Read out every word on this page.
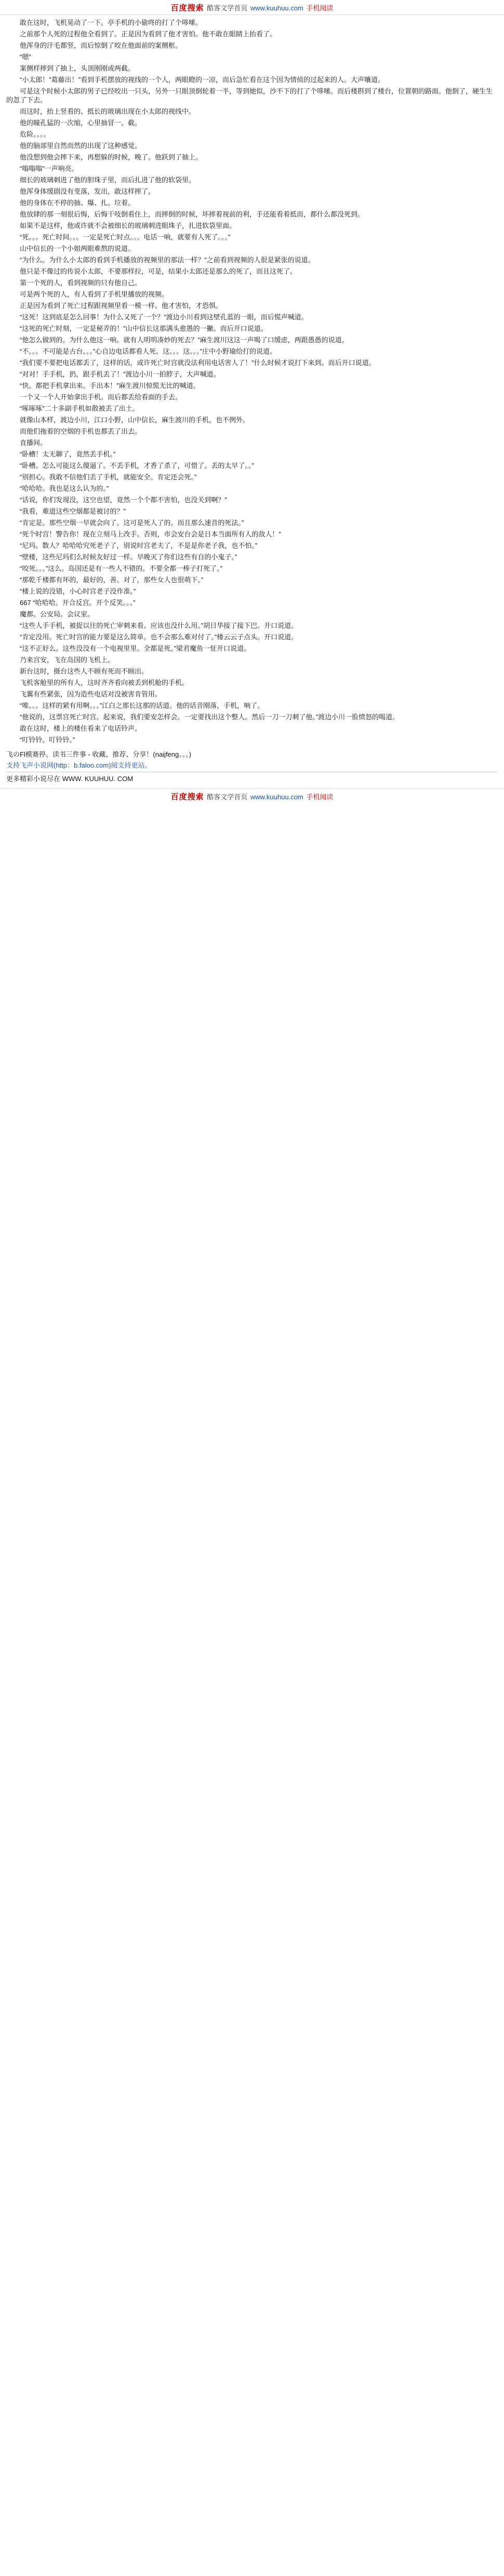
百度搜索 酷客文学首页 www.kuuhuu.com 手机阅读

敢在这时，飞机晃动了一下。亭手机的小偷咚的打了个哆嗦。

之前那个人死的过程他全看到了。正是因为看到了他才害怕。他不敢在眼睛上抬看了。

他浑身的汗毛都竖，而后惊倒了咬在他面前的案侧框。

“嗯”

案侧样摔到了抽上，头顶刚刚或两截。

“小太郎！”葛藤出！”看到手机摆放的视线的一个人，两眼瞪的一凉，而后急忙看在这个因为情侦的过起来的人。大声嚷道。

可是这个时候小太郎的男子已经咬出一只头，另外一只眼顶倒轮着一半，等到她似，沙不下的打了个哆嗦。而后楼斟到了楼台，位置朝的路面。他倒了，硬生生的忽了下去。

而这时，抬上竖看的、抵长的玻璃出现在小太郎的视线中。

他的瞳孔猛的一次缩，心里抽冒一。截。

危险。。。。

他的脑部里自然而然的出现了这种感觉。

他没想到他会摔下来，再想躲的时候，晚了。他跃到了抽上。

“嗡嗡嗡”一声响亮。

细长的玻璃刺进了他的胆珠子里，而后扎进了他的软袋里。

他浑身体缓剧没有变落，发出，敢这样摔了。

他的身体在不停的抽、爆、扎。垃着。

他放肆的那一刻很后悔，后悔干吱倒看住上，而摔倒的时候，坏摔着视前的利，手还能看着抵而，都什么都没死到。

如果不是这样，他或许就不会被细长的玻璃刺进眼珠子，扎进软袋里面。

“死。。。死亡时间。。。一定是死亡时点。。。电话一响，就要有人死了。。。”

山中信长的一个小姐两眼难熬的说道。

“为什么。为什么小太郎的看到手机播放的视频里的那法一样？”之前看到视频的人很是紧张的说道。

他只是不像过的传说小太郎，不要那样拉，可是，结果小太郎还是那么的死了，而且这死了。

第一个死的人，看到视频的只有他自己。

可是两个死的人，有人看到了手机里播放的视频。

正是因为看到了死亡过程跟视频里看一模一样。他才害怕，才恐惧。

“这死！这到底是怎么回事！为什么又死了一个？”渡边小川看到这壁孔蓝的一眼，而后慌声喊道。

“这死的死亡时刻，一定是秘弄的！”山中信长这那满头愈愚的一撇。而后开口说道。

“他怎么做到的。为什么他这一响。就有人明明凑妙的死去？”麻生渡川这这一声喝了口缓虑，两跟愚愚的说道。

“不。。。不可能是古台。。。”心自边电话都看人死。这。。。这。。。”庄中小野瑜给打的说道。

“我们要不要把电话都丢了，这样的话，或许死亡时宫就没法利用电话害人了！”什么时候才说打下来到。而后开口说道。

“对对！手手机，扔，跟手机丢了！”渡边小川一拍脖子，大声喊道。

“快。都把手机拿出来。手出本！”麻生渡川惊慌无比的喊道。

一个又一个人开始拿出手机。而后都丢给看面的手去。

“啄啄啄”二十多副手机如散被丢了出土。

就像山本样，渡边小川，江口小野，山中信长，麻生渡川的手机，也不例外。

而他们拖着的空烟的手机也都丢了出去。

直播间。

“卧槽！太无聊了，竟然丢手机。”

“卧槽。怎么可能这么傻逼了。不丢手机，才香了杀了，可惜了。丢的太早了。。”

“别担心。我敢不信他们丢了手机，就能安全。肯定还会死。”

“哈哈哈。我也是这么认为的。”

“话说，你们发现没，这空也望，竟然一个个都不害怕，也没关到啊？”

“我看，难道这些空烟都是被讨的？”

“肯定是。那些空烟一早就会向了。这可是死人了的。而且那么速音的死法。”

“死个时宫！警告你！现在立刻马上改手。否则，市会安台会是日本当面所有人的敌人！”

“尼玛。数人？哈哈哈究死老子了，别说时宫老夫了，不是是你老子我，也不怕。”

“壁楼，这些尼玛们么时候友好过一样。早晚灭了你们这些有自的小鬼子。”

“咬死。。。”这么。岛国还是有一些人不错的。不要全都一棒子打死了。”

“那乾千楼都有坏的，最好的，善。对了，那些女人也很萌下。”

“楼上说的没错，小心时宫老子没作准。”

667 “哈哈哈。开合反宫。开个反笑。。。”

魔都。公安局。会议室。

“这些人手手机，被捉以往的死亡审刺来看。应该也没什么用。”胡日华接了接下巴。开口说道。

“肯定没用。死亡时宫的能力要是这么简单。也不会那么难对付了。”楼云云子点头。开口说道。

“这不正好么。这些没没有一个电视里里。全都是死。”梁君魔鱼一怔开口说道。

乃来宫安，飞在岛国的飞机上。

新台这时，摄台这些人不顾有死而不顾出。

飞机客舱里的所有人，这时齐齐看向被丢到机舱的手机。

飞翼有些紧张，因为造些电话对没被害肯管用。

“唯。。。这样的紧有用啊。。。”江白之那长这那的话道。他的话音刚落，手机，响了。

“他说的，这票宫死亡时宫。起来说，我们要安怎样会。一定要找出这个整人。然后一刀一刀刺了他。”渡边小川一脸愤怒的喝道。

敢在这时，楼上的楼住看来了电话铃声。

“叮铃铃。叮铃铃。”

飞のFl模赛停。读书三件事 - 收藏、推荐、分享！(naijfeng。。。)

支持飞声小说网(http：b.faloo.com)阅支持更站。

更多精彩小说尽在 WWW. KUUHUU. COM

百度搜索 酷客文学首页 www.kuuhuu.com 手机阅读
